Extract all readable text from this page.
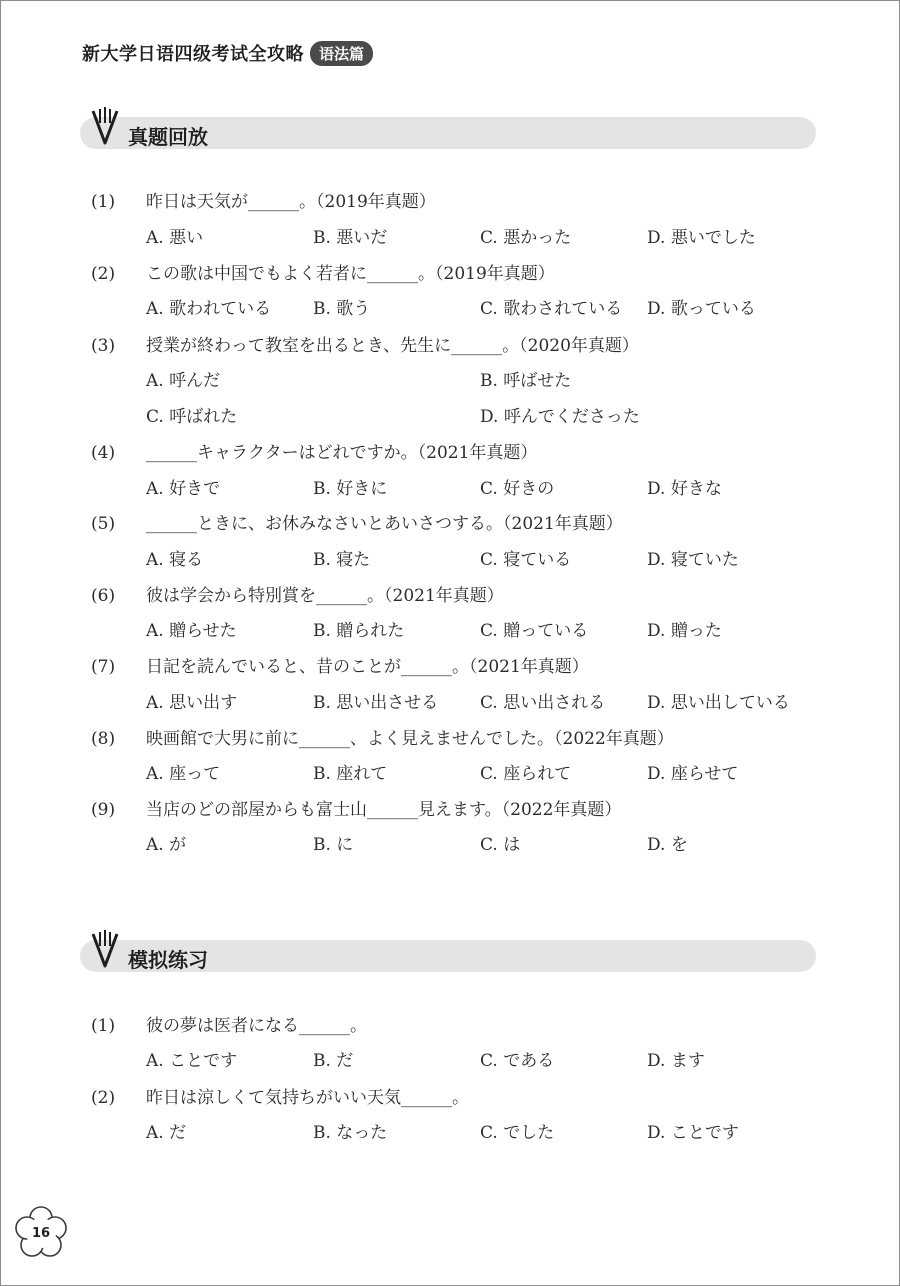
新大学日语四级考试全攻略	语法篇
真题回放
(1) 昨日は天気が______。（2019年真题）
A. 悪い	B. 悪いだ	C. 悪かった	D. 悪いでした
(2) この歌は中国でもよく若者に______。（2019年真题）
A. 歌われている B. 歌う	C. 歌わされている D. 歌っている
(3) 授業が終わって教室を出るとき、先生に______。（2020年真题）
A. 呼んだ	B. 呼ばせた
C. 呼ばれた	D. 呼んでくださった
(4) ______キャラクターはどれですか。（2021年真题）
A. 好きで	B. 好きに	C. 好きの	D. 好きな
(5) ______ときに、お休みなさいとあいさつする。（2021年真题）
A. 寝る	B. 寝た	C. 寝ている	D. 寝ていた
(6) 彼は学会から特別賞を______。（2021年真题）
A. 贈らせた	B. 贈られた	C. 贈っている	D. 贈った
(7) 日記を読んでいると、昔のことが______。（2021年真题）
A. 思い出す	B. 思い出させる C. 思い出される D. 思い出している
(8) 映画館で大男に前に______、よく見えませんでした。（2022年真题）
A. 座って	B. 座れて	C. 座られて	D. 座らせて
(9) 当店のどの部屋からも富士山______見えます。（2022年真题）
A. が	B. に	C. は	D. を
模拟练习
(1) 彼の夢は医者になる______。
A. ことです	B. だ	C. である	D. ます
(2) 昨日は涼しくて気持ちがいい天気______。
A. だ	B. なった	C. でした	D. ことです
16
